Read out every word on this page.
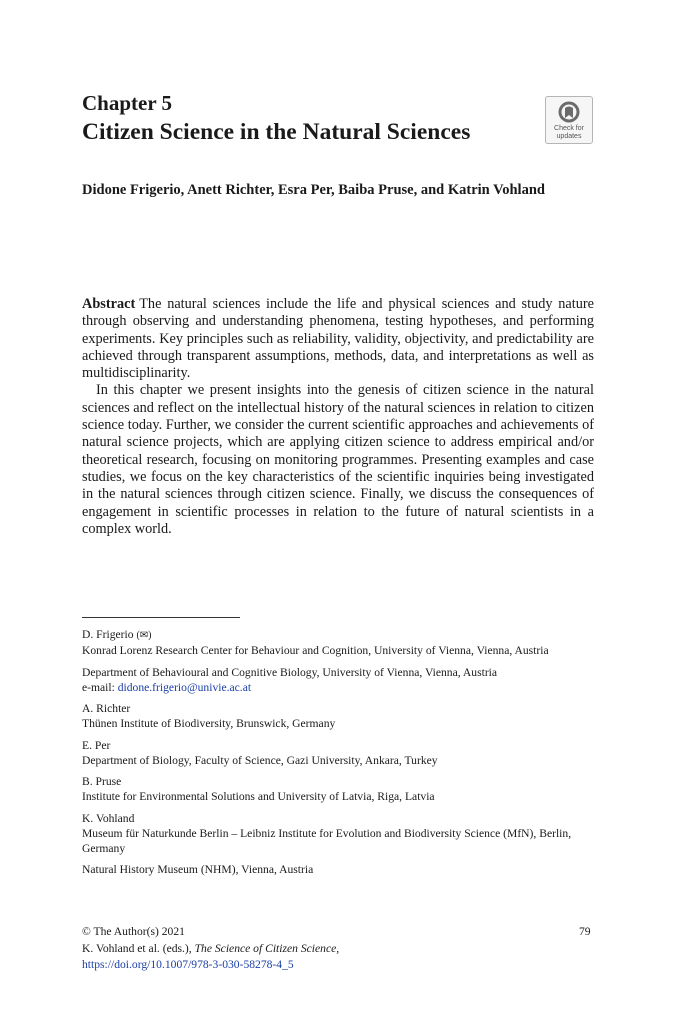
Chapter 5
Citizen Science in the Natural Sciences	Check for
updates
Didone Frigerio, Anett Richter, Esra Per, Baiba Pruse, and Katrin Vohland

Abstract The natural sciences include the life and physical sciences and study nature through observing and understanding phenomena, testing hypotheses, and performing experiments. Key principles such as reliability, validity, objectivity, and predictability are achieved through transparent assumptions, methods, data, and interpretations as well as multidisciplinarity.

In this chapter we present insights into the genesis of citizen science in the natural sciences and reflect on the intellectual history of the natural sciences in relation to citizen science today. Further, we consider the current scientific approaches and achievements of natural science projects, which are applying citizen science to address empirical and/or theoretical research, focusing on monitoring programmes. Presenting examples and case studies, we focus on the key characteristics of the scientific inquiries being investigated in the natural sciences through citizen science. Finally, we discuss the consequences of engagement in scientific processes in relation to the future of natural scientists in a complex world.

D. Frigerio (✉)
Konrad Lorenz Research Center for Behaviour and Cognition, University of Vienna, Vienna, Austria
Department of Behavioural and Cognitive Biology, University of Vienna, Vienna, Austria
e-mail: didone.frigerio@univie.ac.at
A. Richter
Thünen Institute of Biodiversity, Brunswick, Germany
E. Per
Department of Biology, Faculty of Science, Gazi University, Ankara, Turkey
B. Pruse
Institute for Environmental Solutions and University of Latvia, Riga, Latvia
K. Vohland
Museum für Naturkunde Berlin – Leibniz Institute for Evolution and Biodiversity Science (MfN), Berlin, Germany
Natural History Museum (NHM), Vienna, Austria
© The Author(s) 2021
K. Vohland et al. (eds.), The Science of Citizen Science,
https://doi.org/10.1007/978-3-030-58278-4_5
79
